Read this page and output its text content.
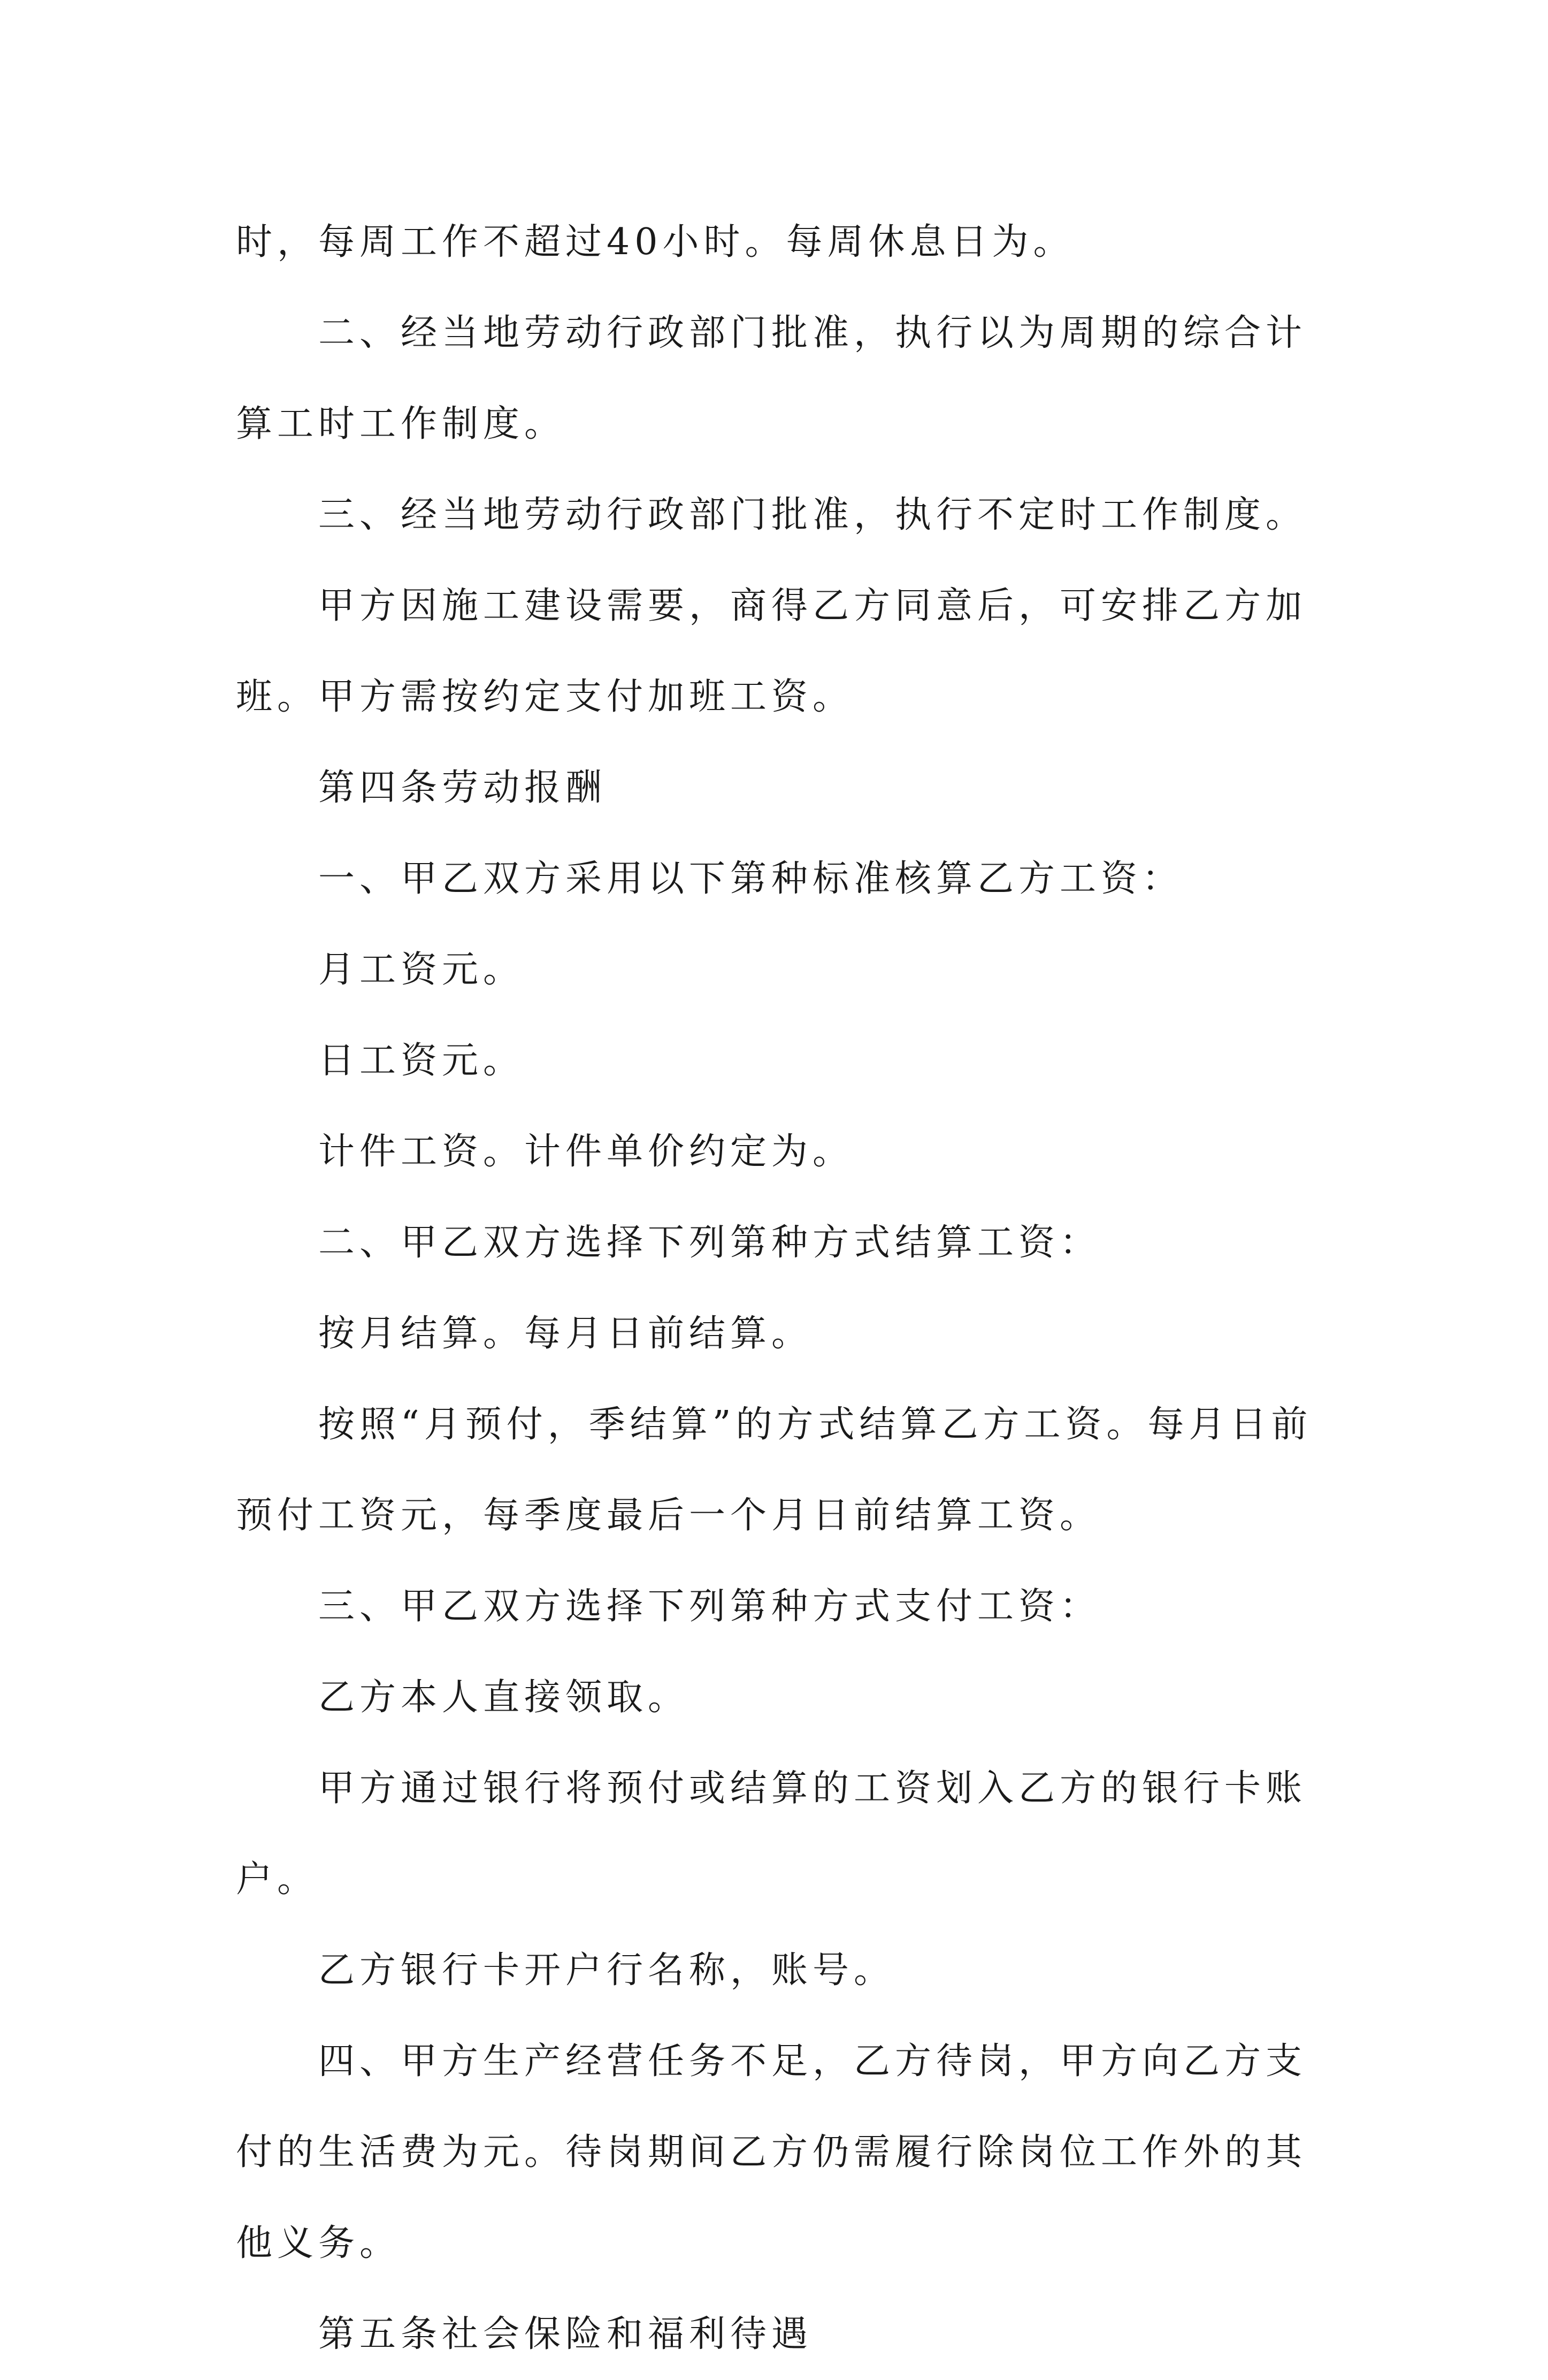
时，每周工作不超过40小时。每周休息日为。

二、经当地劳动行政部门批准，执行以为周期的综合计算工时工作制度。

三、经当地劳动行政部门批准，执行不定时工作制度。

甲方因施工建设需要，商得乙方同意后，可安排乙方加班。甲方需按约定支付加班工资。

第四条劳动报酬

一、甲乙双方采用以下第种标准核算乙方工资：

月工资元。

日工资元。

计件工资。计件单价约定为。

二、甲乙双方选择下列第种方式结算工资：

按月结算。每月日前结算。

按照“月预付，季结算”的方式结算乙方工资。每月日前预付工资元，每季度最后一个月日前结算工资。

三、甲乙双方选择下列第种方式支付工资：

乙方本人直接领取。

甲方通过银行将预付或结算的工资划入乙方的银行卡账户。

乙方银行卡开户行名称，账号。

四、甲方生产经营任务不足，乙方待岗，甲方向乙方支付的生活费为元。待岗期间乙方仍需履行除岗位工作外的其他义务。

第五条社会保险和福利待遇
